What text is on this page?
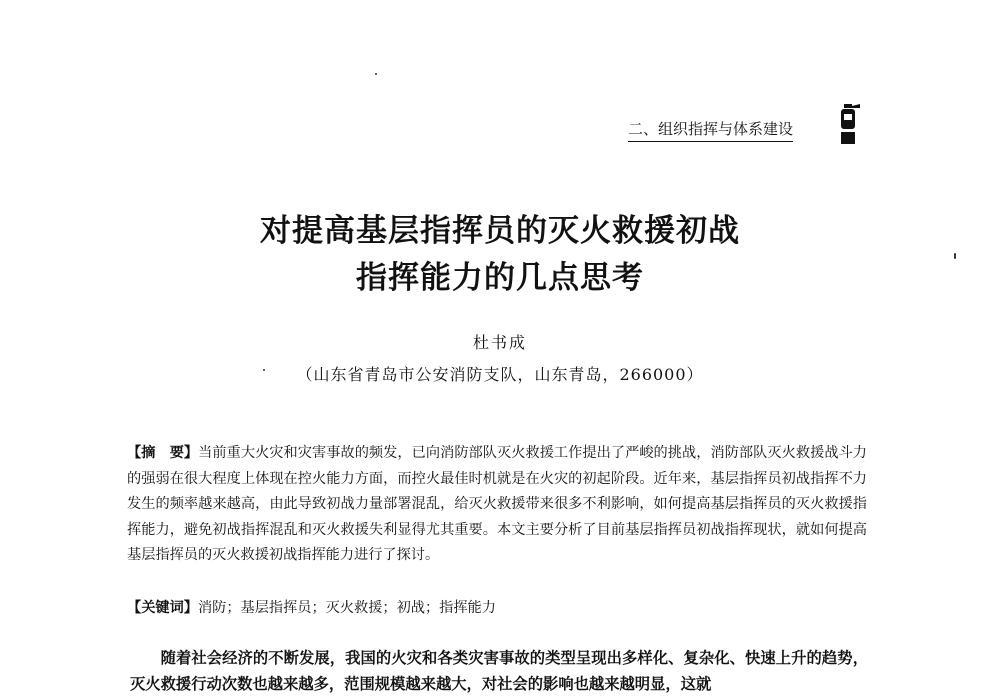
二、组织指挥与体系建设
对提高基层指挥员的灭火救援初战
指挥能力的几点思考
杜书成
（山东省青岛市公安消防支队，山东青岛，266000）

【摘　要】当前重大火灾和灾害事故的频发，已向消防部队灭火救援工作提出了严峻的挑战，消防部队灭火救援战斗力的强弱在很大程度上体现在控火能力方面，而控火最佳时机就是在火灾的初起阶段。近年来，基层指挥员初战指挥不力发生的频率越来越高，由此导致初战力量部署混乱，给灭火救援带来很多不利影响，如何提高基层指挥员的灭火救援指挥能力，避免初战指挥混乱和灭火救援失利显得尤其重要。本文主要分析了目前基层指挥员初战指挥现状，就如何提高基层指挥员的灭火救援初战指挥能力进行了探讨。

【关键词】消防；基层指挥员；灭火救援；初战；指挥能力

随着社会经济的不断发展，我国的火灾和各类灾害事故的类型呈现出多样化、复杂化、快速上升的趋势，灭火救援行动次数也越来越多，范围规模越来越大，对社会的影响也越来越明显，这就
